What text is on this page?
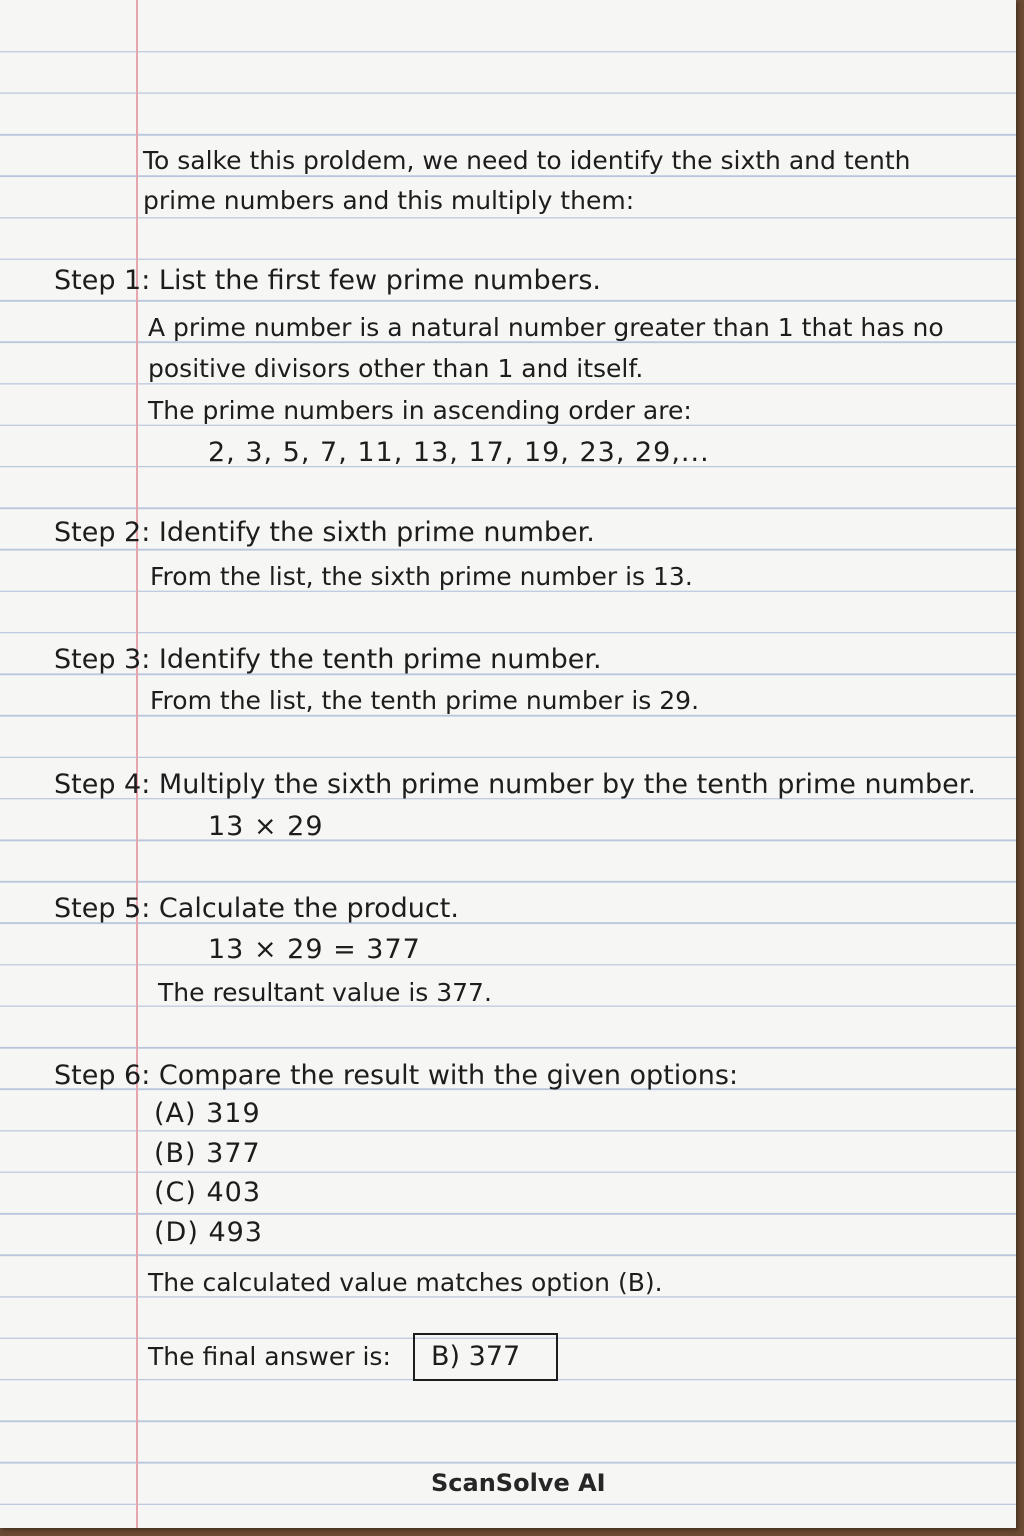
To salke this proldem, we need to identify the sixth and tenth

prime numbers and this multiply them:

Step 1: List the first few prime numbers.

A prime number is a natural number greater than 1 that has no

positive divisors other than 1 and itself.

The prime numbers in ascending order are:

2, 3, 5, 7, 11, 13, 17, 19, 23, 29,...

Step 2: Identify the sixth prime number.

From the list, the sixth prime number is 13.

Step 3: Identify the tenth prime number.

From the list, the tenth prime number is 29.

Step 4: Multiply the sixth prime number by the tenth prime number.

13 × 29

Step 5: Calculate the product.

13 × 29 = 377

The resultant value is 377.

Step 6: Compare the result with the given options:

(A) 319

(B) 377

(C) 403

(D) 493

The calculated value matches option (B).

The final answer is:	B) 377

ScanSolve AI
